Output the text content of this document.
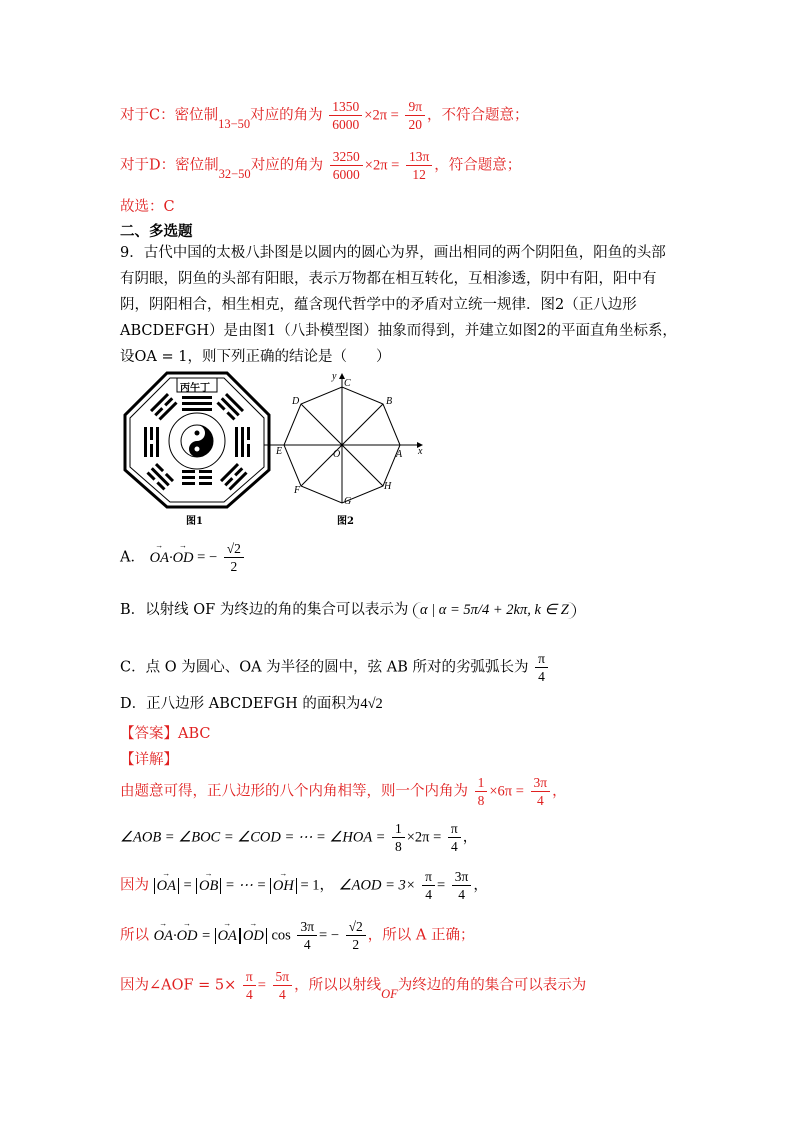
对于C：密位制13−50对应的角为 $\frac{1350}{6000} \times 2\pi = \frac{9\pi}{20}$ ，不符合题意；
对于D：密位制32−50对应的角为 $\frac{3250}{6000} \times 2\pi = \frac{13\pi}{12}$ ，符合题意；
故选：C
二、多选题
9．古代中国的太极八卦图是以圆内的圆心为界，画出相同的两个阴阳鱼，阳鱼的头部有阴眼，阴鱼的头部有阳眼，表示万物都在相互转化，互相渗透，阴中有阳，阳中有阴，阴阳相合，相生相克，蕴含现代哲学中的矛盾对立统一规律．图2（正八边形 ABCDEFGH）是由图1（八卦模型图）抽象而得到，并建立如图2的平面直角坐标系，设OA = 1，则下列正确的结论是（　　）
丙午丁
图1
A
B
C
D
E
F
G
H
O	x
y
图2
A． OA →·OD → = − $\frac{√2}{2}$
B．以射线 OF 为终边的角的集合可以表示为 α | α = 5π/4 + 2kπ, k ∈ Z
C．点 O 为圆心、OA 为半径的圆中，弦 AB 所对的劣弧弧长为 $\frac{\pi}{4}$
D．正八边形 ABCDEFGH 的面积为4√2
【答案】ABC
【详解】
由题意可得，正八边形的八个内角相等，则一个内角为 $\frac{1}{8} \times 6\pi = \frac{3\pi}{4}$ ，
∠AOB = ∠BOC = ∠COD = ⋯ = ∠HOA = $\frac{1}{8} \times 2\pi = \frac{\pi}{4}$ ，
因为 OA → = OB → = ⋯ = OH → = 1， ∠AOD = $3\times \frac{\pi}{4} = \frac{3\pi}{4}$ ，
所以 OA →·OD → = OA → OD → $\cos \frac{3\pi}{4}$ = − $\frac{√2}{2}$ ，所以 A 正确；
因为∠AOF = $5\times \frac{\pi}{4} = \frac{5\pi}{4}$ ，所以以射线OF为终边的角的集合可以表示为
